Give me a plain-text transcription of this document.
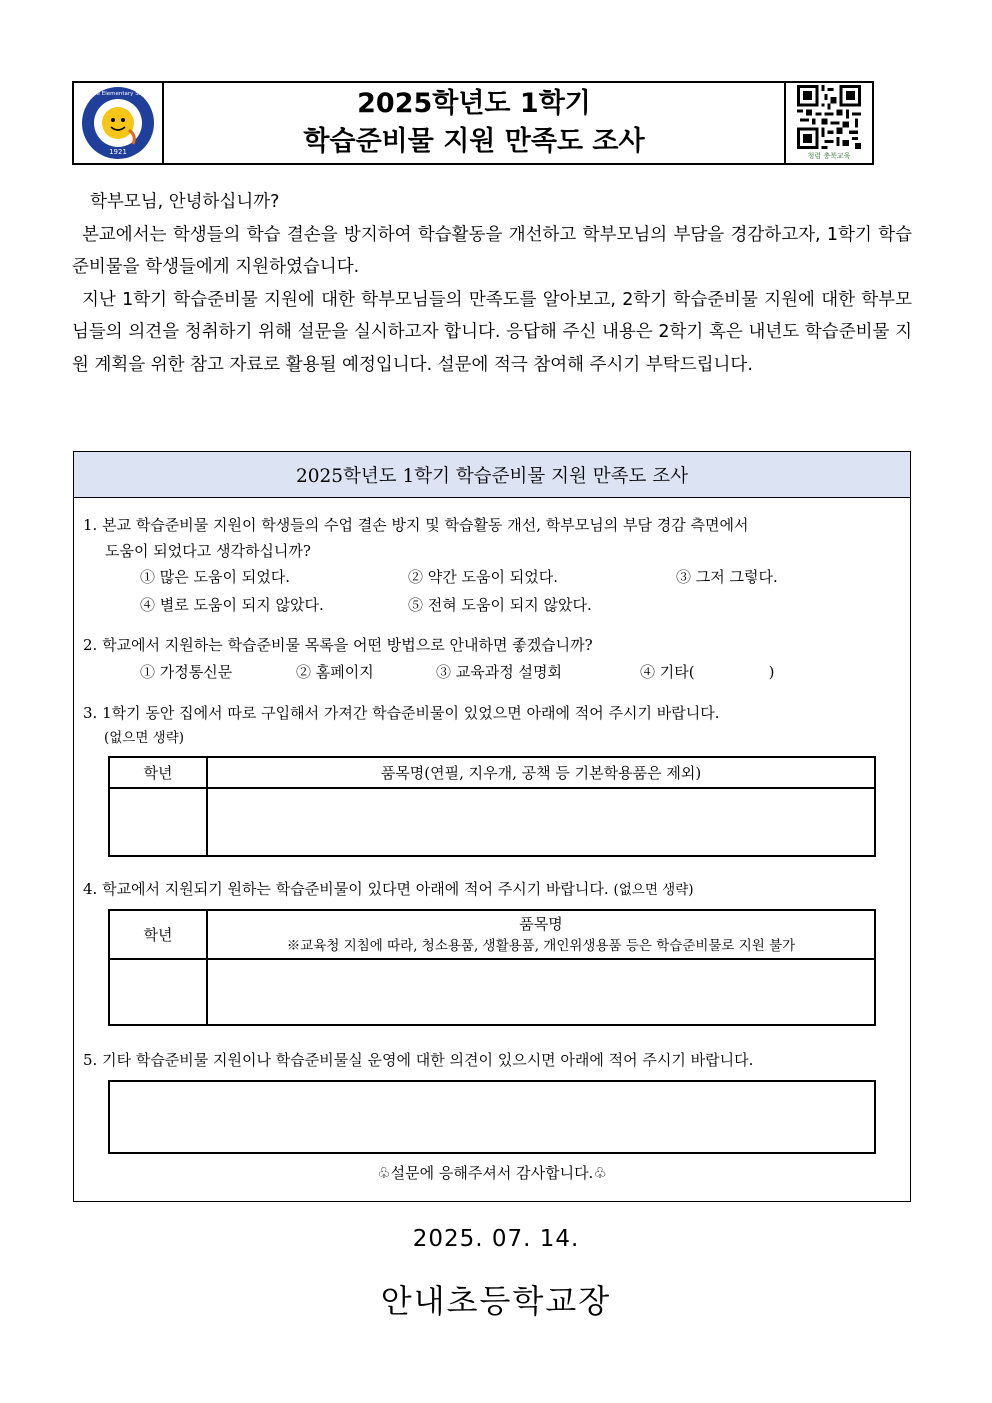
1921
Annae Elementary School	2025학년도 1학기
학습준비물 지원 만족도 조사	청렴 충북교육

학부모님, 안녕하십니까?

본교에서는 학생들의 학습 결손을 방지하여 학습활동을 개선하고 학부모님의 부담을 경감하고자, 1학기 학습준비물을 학생들에게 지원하였습니다.

지난 1학기 학습준비물 지원에 대한 학부모님들의 만족도를 알아보고, 2학기 학습준비물 지원에 대한 학부모님들의 의견을 청취하기 위해 설문을 실시하고자 합니다. 응답해 주신 내용은 2학기 혹은 내년도 학습준비물 지원 계획을 위한 참고 자료로 활용될 예정입니다. 설문에 적극 참여해 주시기 부탁드립니다.

2025학년도 1학기 학습준비물 지원 만족도 조사
1. 본교 학습준비물 지원이 학생들의 수업 결손 방지 및 학습활동 개선, 학부모님의 부담 경감 측면에서
도움이 되었다고 생각하십니까?
① 많은 도움이 되었다.	② 약간 도움이 되었다.	③ 그저 그렇다.
④ 별로 도움이 되지 않았다.	⑤ 전혀 도움이 되지 않았다.
2. 학교에서 지원하는 학습준비물 목록을 어떤 방법으로 안내하면 좋겠습니까?
① 가정통신문	② 홈페이지	③ 교육과정 설명회	④ 기타(	)
3. 1학기 동안 집에서 따로 구입해서 가져간 학습준비물이 있었으면 아래에 적어 주시기 바랍니다.
(없으면 생략)
학년	품목명(연필, 지우개, 공책 등 기본학용품은 제외)

4. 학교에서 지원되기 원하는 학습준비물이 있다면 아래에 적어 주시기 바랍니다. (없으면 생략)
학년	품목명
※교육청 지침에 따라, 청소용품, 생활용품, 개인위생용품 등은 학습준비물로 지원 불가

5. 기타 학습준비물 지원이나 학습준비물실 운영에 대한 의견이 있으시면 아래에 적어 주시기 바랍니다.
♧설문에 응해주셔서 감사합니다.♧
2025. 07. 14.
안내초등학교장
